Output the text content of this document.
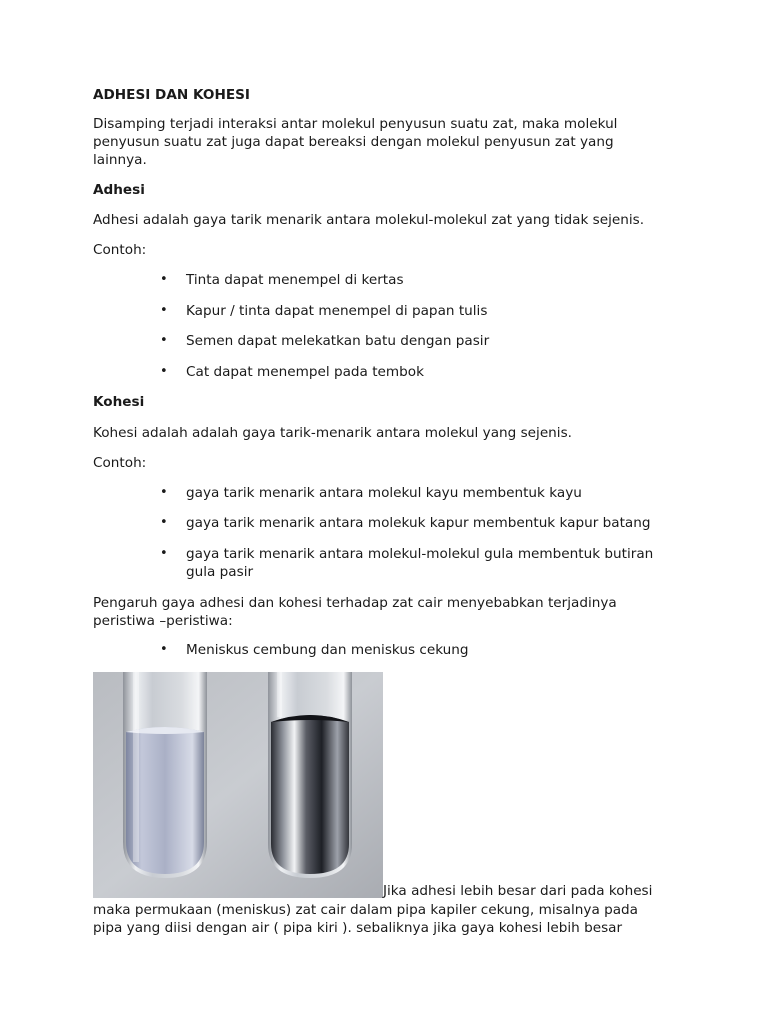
ADHESI DAN KOHESI

Disamping terjadi interaksi antar molekul penyusun suatu zat, maka molekul

penyusun suatu zat juga dapat bereaksi dengan molekul penyusun zat yang

lainnya.

Adhesi

Adhesi adalah gaya tarik menarik antara molekul-molekul zat yang tidak sejenis.

Contoh:

• Tinta dapat menempel di kertas
• Kapur / tinta dapat menempel di papan tulis
• Semen dapat melekatkan batu dengan pasir
• Cat dapat menempel pada tembok

Kohesi

Kohesi adalah adalah gaya tarik-menarik antara molekul yang sejenis.

Contoh:

• gaya tarik menarik antara molekul kayu membentuk kayu
• gaya tarik menarik antara molekuk kapur membentuk kapur batang
• gaya tarik menarik antara molekul-molekul gula membentuk butiran
gula pasir

Pengaruh gaya adhesi dan kohesi terhadap zat cair menyebabkan terjadinya

peristiwa –peristiwa:

• Meniskus cembung dan meniskus cekung
Jika adhesi lebih besar dari pada kohesi

maka permukaan (meniskus) zat cair dalam pipa kapiler cekung, misalnya pada

pipa yang diisi dengan air ( pipa kiri ). sebaliknya jika gaya kohesi lebih besar
